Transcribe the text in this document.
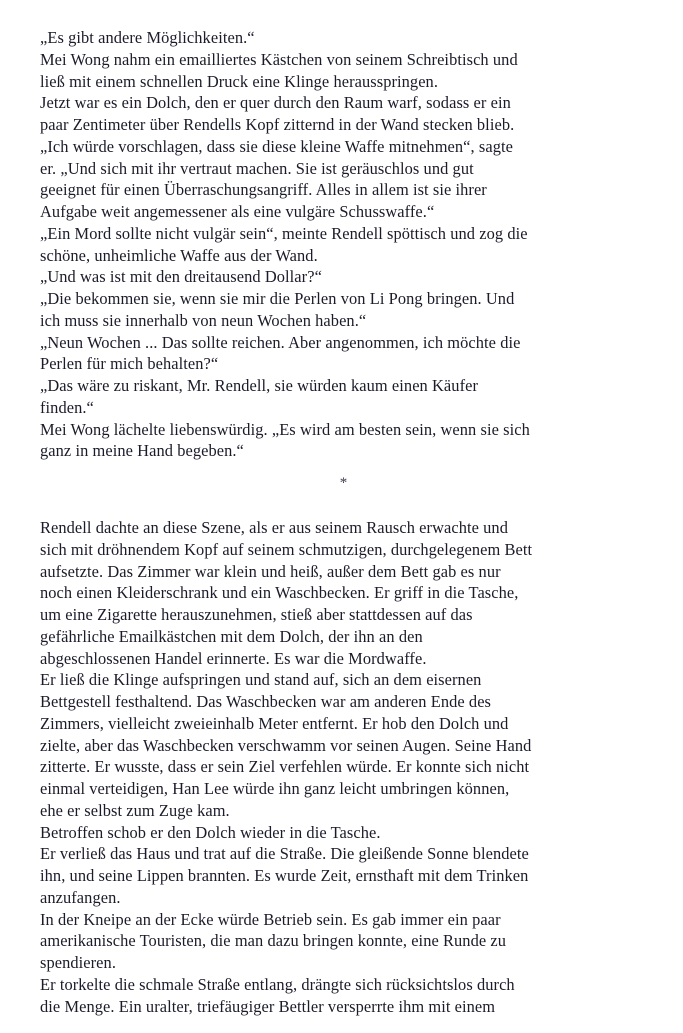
„Es gibt andere Möglichkeiten.“
Mei Wong nahm ein emailliertes Kästchen von seinem Schreibtisch und
ließ mit einem schnellen Druck eine Klinge herausspringen.
Jetzt war es ein Dolch, den er quer durch den Raum warf, sodass er ein
paar Zentimeter über Rendells Kopf zitternd in der Wand stecken blieb.
„Ich würde vorschlagen, dass sie diese kleine Waffe mitnehmen“, sagte
er. „Und sich mit ihr vertraut machen. Sie ist geräuschlos und gut
geeignet für einen Überraschungsangriff. Alles in allem ist sie ihrer
Aufgabe weit angemessener als eine vulgäre Schusswaffe.“
„Ein Mord sollte nicht vulgär sein“, meinte Rendell spöttisch und zog die
schöne, unheimliche Waffe aus der Wand.
„Und was ist mit den dreitausend Dollar?“
„Die bekommen sie, wenn sie mir die Perlen von Li Pong bringen. Und
ich muss sie innerhalb von neun Wochen haben.“
„Neun Wochen ... Das sollte reichen. Aber angenommen, ich möchte die
Perlen für mich behalten?“
„Das wäre zu riskant, Mr. Rendell, sie würden kaum einen Käufer
finden.“
Mei Wong lächelte liebenswürdig. „Es wird am besten sein, wenn sie sich
ganz in meine Hand begeben.“
*
Rendell dachte an diese Szene, als er aus seinem Rausch erwachte und
sich mit dröhnendem Kopf auf seinem schmutzigen, durchgelegenem Bett
aufsetzte. Das Zimmer war klein und heiß, außer dem Bett gab es nur
noch einen Kleiderschrank und ein Waschbecken. Er griff in die Tasche,
um eine Zigarette herauszunehmen, stieß aber stattdessen auf das
gefährliche Emailkästchen mit dem Dolch, der ihn an den
abgeschlossenen Handel erinnerte. Es war die Mordwaffe.
Er ließ die Klinge aufspringen und stand auf, sich an dem eisernen
Bettgestell festhaltend. Das Waschbecken war am anderen Ende des
Zimmers, vielleicht zweieinhalb Meter entfernt. Er hob den Dolch und
zielte, aber das Waschbecken verschwamm vor seinen Augen. Seine Hand
zitterte. Er wusste, dass er sein Ziel verfehlen würde. Er konnte sich nicht
einmal verteidigen, Han Lee würde ihn ganz leicht umbringen können,
ehe er selbst zum Zuge kam.
Betroffen schob er den Dolch wieder in die Tasche.
Er verließ das Haus und trat auf die Straße. Die gleißende Sonne blendete
ihn, und seine Lippen brannten. Es wurde Zeit, ernsthaft mit dem Trinken
anzufangen.
In der Kneipe an der Ecke würde Betrieb sein. Es gab immer ein paar
amerikanische Touristen, die man dazu bringen konnte, eine Runde zu
spendieren.
Er torkelte die schmale Straße entlang, drängte sich rücksichtslos durch
die Menge. Ein uralter, triefäugiger Bettler versperrte ihm mit einem
